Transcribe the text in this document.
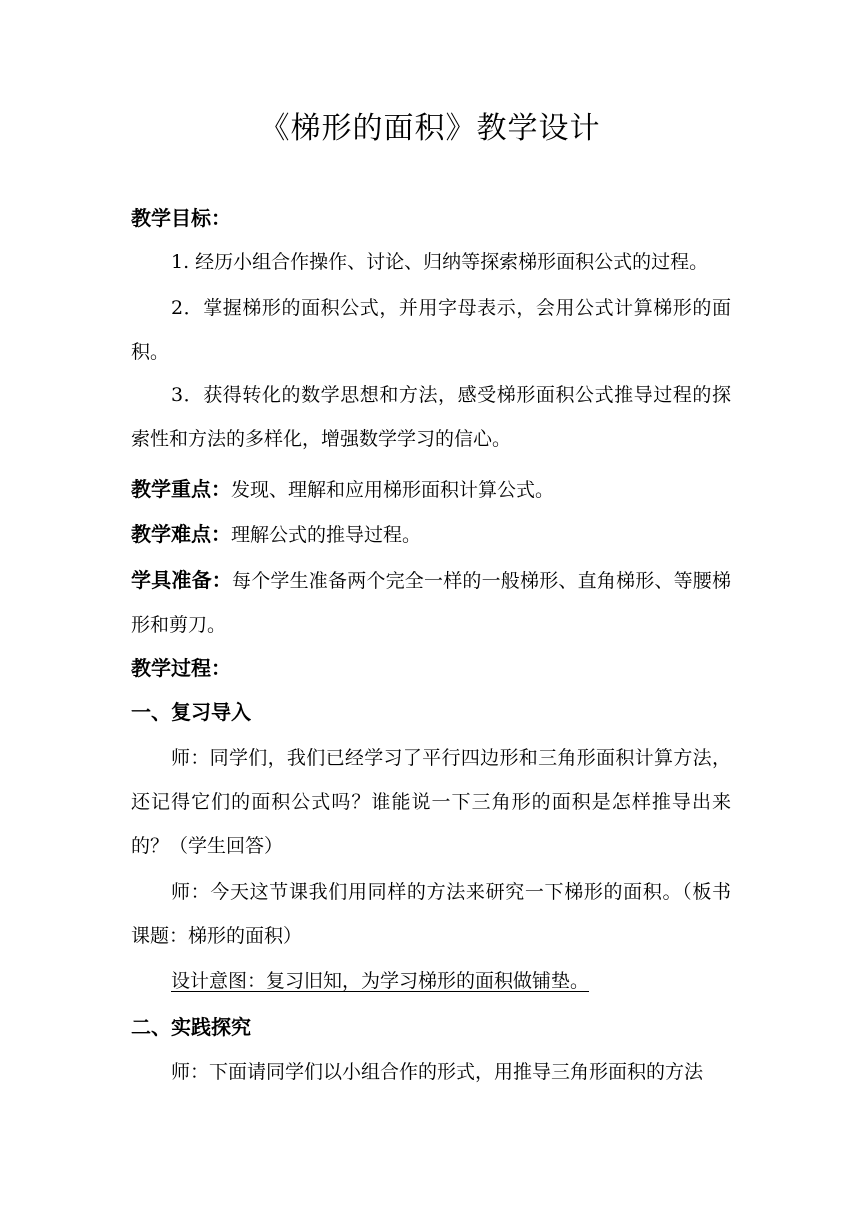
《梯形的面积》教学设计

教学目标：

1. 经历小组合作操作、讨论、归纳等探索梯形面积公式的过程。

2．掌握梯形的面积公式，并用字母表示，会用公式计算梯形的面积。

3．获得转化的数学思想和方法，感受梯形面积公式推导过程的探索性和方法的多样化，增强数学学习的信心。

教学重点：发现、理解和应用梯形面积计算公式。

教学难点：理解公式的推导过程。

学具准备：每个学生准备两个完全一样的一般梯形、直角梯形、等腰梯形和剪刀。

教学过程：

一、复习导入

师：同学们，我们已经学习了平行四边形和三角形面积计算方法，还记得它们的面积公式吗？谁能说一下三角形的面积是怎样推导出来的？（学生回答）

师：今天这节课我们用同样的方法来研究一下梯形的面积。（板书课题：梯形的面积）

设计意图：复习旧知，为学习梯形的面积做铺垫。

二、实践探究

师：下面请同学们以小组合作的形式，用推导三角形面积的方法
